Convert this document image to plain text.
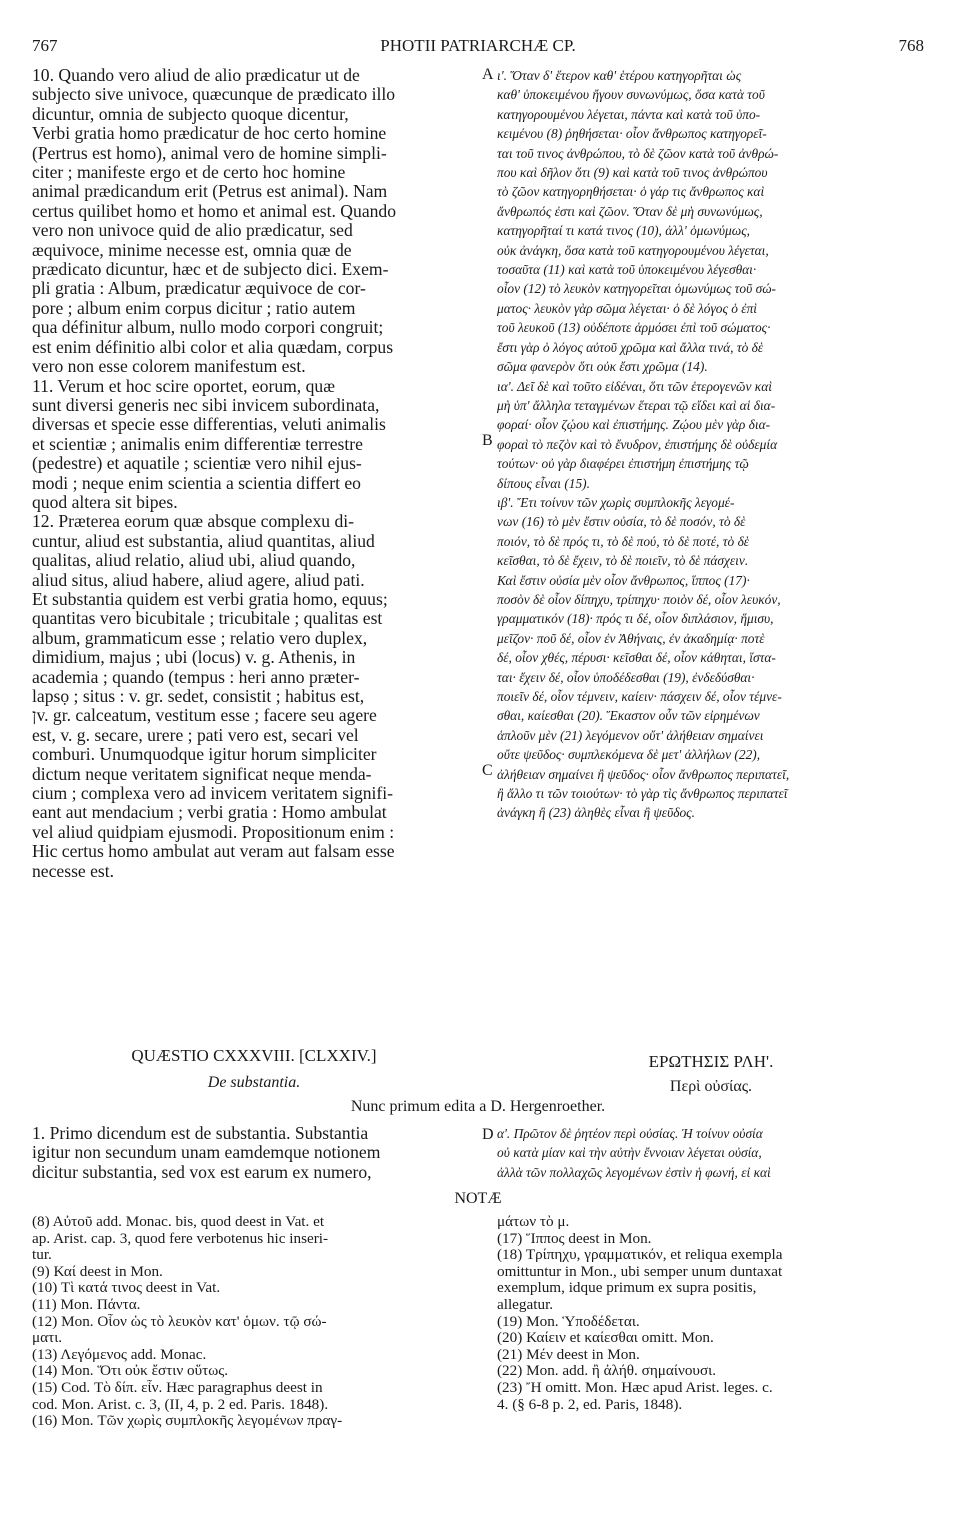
767	PHOTII PATRIARCHÆ CP.	768
A
B
C
D
10. Quando vero aliud de alio prædicatur ut de
subjecto sive univoce, quæcunque de prædicato illo
dicuntur, omnia de subjecto quoque dicentur,
Verbi gratia homo prædicatur de hoc certo homine
(Pertrus est homo), animal vero de homine simpli-
citer ; manifeste ergo et de certo hoc homine
animal prædicandum erit (Petrus est animal). Nam
certus quilibet homo et homo et animal est. Quando
vero non univoce quid de alio prædicatur, sed
æquivoce, minime necesse est, omnia quæ de
prædicato dicuntur, hæc et de subjecto dici. Exem-
pli gratia : Album, prædicatur æquivoce de cor-
pore ; album enim corpus dicitur ; ratio autem
qua définitur album, nullo modo corpori congruit;
est enim définitio albi color et alia quædam, corpus
vero non esse colorem manifestum est.
11. Verum et hoc scire oportet, eorum, quæ
sunt diversi generis nec sibi invicem subordinata,
diversas et specie esse differentias, veluti animalis
et scientiæ ; animalis enim differentiæ terrestre
(pedestre) et aquatile ; scientiæ vero nihil ejus-
modi ; neque enim scientia a scientia differt eo
quod altera sit bipes.
12. Præterea eorum quæ absque complexu di-
cuntur, aliud est substantia, aliud quantitas, aliud
qualitas, aliud relatio, aliud ubi, aliud quando,
aliud situs, aliud habere, aliud agere, aliud pati.
Et substantia quidem est verbi gratia homo, equus;
quantitas vero bicubitale ; tricubitale ; qualitas est
album, grammaticum esse ; relatio vero duplex,
dimidium, majus ; ubi (locus) v. g. Athenis, in
academia ; quando (tempus : heri anno præter-
lapsọ ; situs : v. gr. sedet, consistit ; habitus est,
ןv. gr. calceatum, vestitum esse ; facere seu agere
est, v. g. secare, urere ; pati vero est, secari vel
comburi. Unumquodque igitur horum simpliciter
dictum neque veritatem significat neque menda-
cium ; complexa vero ad invicem veritatem signifi-
eant aut mendacium ; verbi gratia : Homo ambulat
vel aliud quidpiam ejusmodi. Propositionum enim :
Hic certus homo ambulat aut veram aut falsam esse
necesse est.
ι'. Ὅταν δ' ἕτερον καθ' ἑτέρου κατηγορῆται ὡς
καθ' ὑποκειμένου ἤγουν συνωνύμως, ὅσα κατὰ τοῦ
κατηγορουμένου λέγεται, πάντα καὶ κατὰ τοῦ ὑπο-
κειμένου (8) ῥηθήσεται· οἷον ἄνθρωπος κατηγορεῖ-
ται τοῦ τινος ἀνθρώπου, τὸ δὲ ζῶον κατὰ τοῦ ἀνθρώ-
που καὶ δῆλον ὅτι (9) καὶ κατὰ τοῦ τινος ἀνθρώπου
τὸ ζῶον κατηγορηθήσεται· ὁ γάρ τις ἄνθρωπος καὶ
ἄνθρωπός ἐστι καὶ ζῶον. Ὅταν δὲ μὴ συνωνύμως,
κατηγορῆταί τι κατά τινος (10), ἀλλ' ὁμωνύμως,
οὐκ ἀνάγκη, ὅσα κατὰ τοῦ κατηγορουμένου λέγεται,
τοσαῦτα (11) καὶ κατὰ τοῦ ὑποκειμένου λέγεσθαι·
οἷον (12) τὸ λευκὸν κατηγορεῖται ὁμωνύμως τοῦ σώ-
ματος· λευκὸν γὰρ σῶμα λέγεται· ὁ δὲ λόγος ὁ ἐπὶ
τοῦ λευκοῦ (13) οὐδέποτε ἁρμόσει ἐπὶ τοῦ σώματος·
ἔστι γὰρ ὁ λόγος αὐτοῦ χρῶμα καὶ ἄλλα τινά, τὸ δὲ
σῶμα φανερὸν ὅτι οὐκ ἔστι χρῶμα (14).
ια'. Δεῖ δὲ καὶ τοῦτο εἰδέναι, ὅτι τῶν ἑτερογενῶν καὶ
μὴ ὑπ' ἄλληλα τεταγμένων ἕτεραι τῷ εἴδει καὶ αἱ δια-
φοραί· οἷον ζῴου καὶ ἐπιστήμης. Ζῴου μὲν γὰρ δια-
φοραὶ τὸ πεζὸν καὶ τὸ ἔνυδρον, ἐπιστήμης δὲ οὐδεμία
τούτων· οὐ γὰρ διαφέρει ἐπιστήμη ἐπιστήμης τῷ
δίπους εἶναι (15).
ιβ'. Ἔτι τοίνυν τῶν χωρὶς συμπλοκῆς λεγομέ-
νων (16) τὸ μὲν ἔστιν οὐσία, τὸ δὲ ποσόν, τὸ δὲ
ποιόν, τὸ δὲ πρός τι, τὸ δὲ πού, τὸ δὲ ποτέ, τὸ δὲ
κεῖσθαι, τὸ δὲ ἔχειν, τὸ δὲ ποιεῖν, τὸ δὲ πάσχειν.
Καὶ ἔστιν οὐσία μὲν οἷον ἄνθρωπος, ἵππος (17)·
ποσὸν δὲ οἷον δίπηχυ, τρίπηχυ· ποιὸν δέ, οἷον λευκόν,
γραμματικόν (18)· πρός τι δέ, οἷον διπλάσιον, ἥμισυ,
μεῖζον· ποῦ δέ, οἷον ἐν Ἀθήναις, ἐν ἀκαδημίᾳ· ποτὲ
δέ, οἷον χθές, πέρυσι· κεῖσθαι δέ, οἷον κάθηται, ἵστα-
ται· ἔχειν δέ, οἷον ὑποδέδεσθαι (19), ἐνδεδύσθαι·
ποιεῖν δέ, οἷον τέμνειν, καίειν· πάσχειν δέ, οἷον τέμνε-
σθαι, καίεσθαι (20). Ἕκαστον οὖν τῶν εἰρημένων
ἁπλοῦν μὲν (21) λεγόμενον οὔτ' ἀλήθειαν σημαίνει
οὔτε ψεῦδος· συμπλεκόμενα δὲ μετ' ἀλλήλων (22),
ἀλήθειαν σημαίνει ἢ ψεῦδος· οἷον ἄνθρωπος περιπατεῖ,
ἢ ἄλλο τι τῶν τοιούτων· τὸ γὰρ τὶς ἄνθρωπος περιπατεῖ
ἀνάγκη ἢ (23) ἀληθὲς εἶναι ἢ ψεῦδος.
QUÆSTIO CXXXVIII. [CLXXIV.]
De substantia.
ΕΡΩΤΗΣΙΣ ΡΛΗ'.
Περὶ οὐσίας.
Nunc primum edita a D. Hergenroether.
1. Primo dicendum est de substantia. Substantia
igitur non secundum unam eamdemque notionem
dicitur substantia, sed vox est earum ex numero,
α'. Πρῶτον δὲ ῥητέον περὶ οὐσίας. Ἡ τοίνυν οὐσία
οὐ κατὰ μίαν καὶ τὴν αὐτὴν ἔννοιαν λέγεται οὐσία,
ἀλλὰ τῶν πολλαχῶς λεγομένων ἐστὶν ἡ φωνή, εἰ καὶ
NOTÆ
(8) Αὐτοῦ add. Monac. bis, quod deest in Vat. et
ap. Arist. cap. 3, quod fere verbotenus hic inseri-
tur.
(9) Καί deest in Mon.
(10) Τὶ κατά τινος deest in Vat.
(11) Mon. Πάντα.
(12) Mon. Οἷον ὡς τὸ λευκὸν κατ' ὁμων. τῷ σώ-
ματι.
(13) Λεγόμενος add. Monac.
(14) Mon. Ὅτι οὐκ ἔστιν οὕτως.
(15) Cod. Τὸ δίπ. εἶν. Hæc paragraphus deest in
cod. Mon. Arist. c. 3, (II, 4, p. 2 ed. Paris. 1848).
(16) Mon. Τῶν χωρὶς συμπλοκῆς λεγομένων πραγ-
μάτων τὸ μ.
(17) Ἵππος deest in Mon.
(18) Τρίπηχυ, γραμματικόν, et reliqua exempla
omittuntur in Mon., ubi semper unum duntaxat
exemplum, idque primum ex supra positis,
allegatur.
(19) Mon. Ὑποδέδεται.
(20) Καίειν et καίεσθαι omitt. Mon.
(21) Μέν deest in Mon.
(22) Mon. add. ἢ ἀλήθ. σημαίνουσι.
(23) Ἤ omitt. Mon. Hæc apud Arist. leges. c.
4. (§ 6-8 p. 2, ed. Paris, 1848).
